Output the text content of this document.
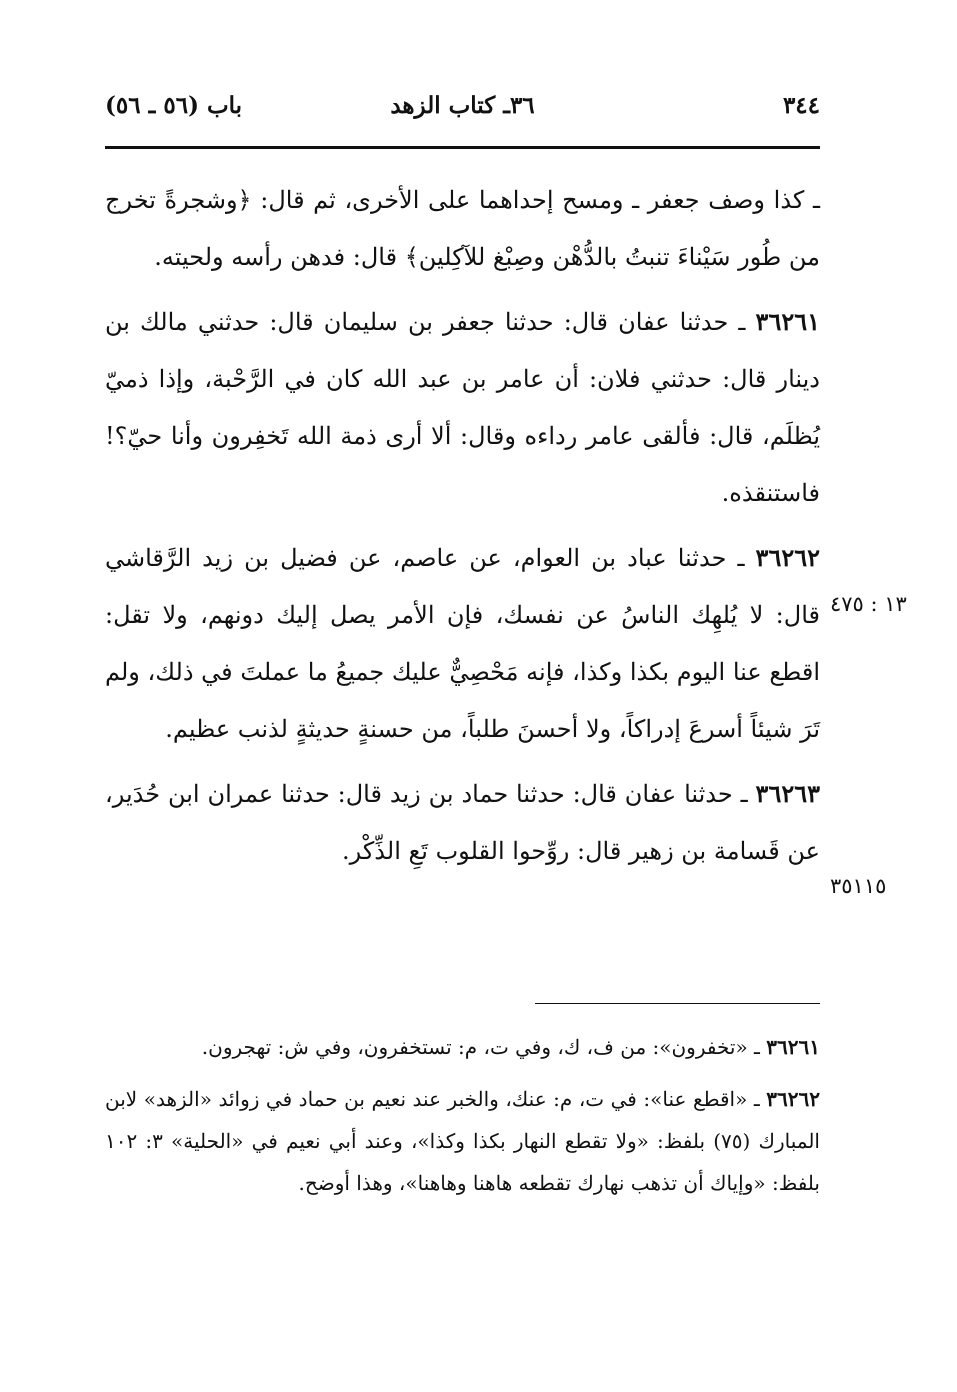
٣٤٤
٣٦ـ كتاب الزهد
باب (٥٦ ـ ٥٦)

ـ كذا وصف جعفر ـ ومسح إحداهما على الأخرى، ثم قال: ﴿وشجرةً تخرج من طُور سَيْناءَ تنبتُ بالدُّهْن وصِبْغ للآكِلين﴾ قال: فدهن رأسه ولحيته.

٣٦٢٦١ ـ حدثنا عفان قال: حدثنا جعفر بن سليمان قال: حدثني مالك بن دينار قال: حدثني فلان: أن عامر بن عبد الله كان في الرَّحْبة، وإذا ذميّ يُظلَم، قال: فألقى عامر رداءه وقال: ألا أرى ذمة الله تَخفِرون وأنا حيّ؟! فاستنقذه.

٣٦٢٦٢ ـ حدثنا عباد بن العوام، عن عاصم، عن فضيل بن زيد الرَّقاشي قال: لا يُلهِك الناسُ عن نفسك، فإن الأمر يصل إليك دونهم، ولا تقل: اقطع عنا اليوم بكذا وكذا، فإنه مَحْصِيٌّ عليك جميعُ ما عملتَ في ذلك، ولم تَرَ شيئاً أسرعَ إدراكاً، ولا أحسنَ طلباً، من حسنةٍ حديثةٍ لذنب عظيم.

٣٦٢٦٣ ـ حدثنا عفان قال: حدثنا حماد بن زيد قال: حدثنا عمران ابن حُدَير، عن قَسامة بن زهير قال: روِّحوا القلوب تَعِ الذِّكْر.

١٣ : ٤٧٥
٣٥١١٥

٣٦٢٦١ ـ «تخفرون»: من ف، ك، وفي ت، م: تستخفرون، وفي ش: تهجرون.

٣٦٢٦٢ ـ «اقطع عنا»: في ت، م: عنك، والخبر عند نعيم بن حماد في زوائد «الزهد» لابن المبارك (٧٥) بلفظ: «ولا تقطع النهار بكذا وكذا»، وعند أبي نعيم في «الحلية» ٣: ١٠٢ بلفظ: «وإياك أن تذهب نهارك تقطعه هاهنا وهاهنا»، وهذا أوضح.
